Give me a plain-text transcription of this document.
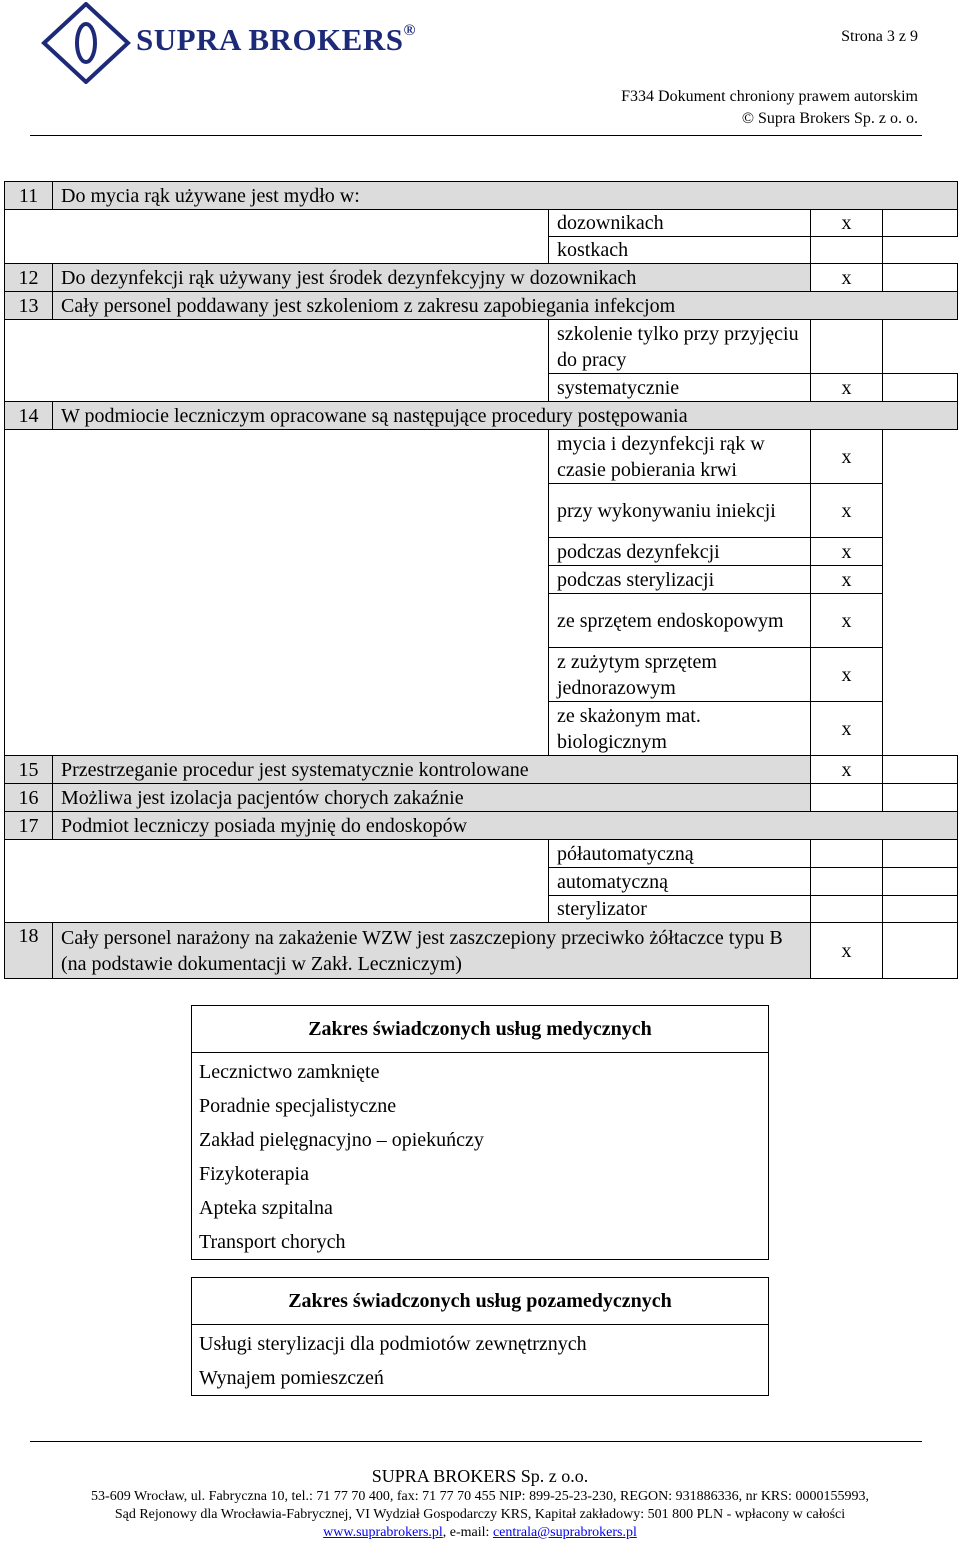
SUPRA BROKERS®	Strona 3 z 9
F334 Dokument chroniony prawem autorskim
© Supra Brokers Sp. z o. o.
11	Do mycia rąk używane jest mydło w:			
		dozownikach	x	
		kostkach		
12	Do dezynfekcji rąk używany jest środek dezynfekcyjny w dozownikach		x	
13	Cały personel poddawany jest szkoleniom z zakresu zapobiegania infekcjom			
		szkolenie tylko przy przyjęciu do pracy		
		systematycznie	x	
14	W podmiocie leczniczym opracowane są następujące procedury postępowania			
		mycia i dezynfekcji rąk w czasie pobierania krwi	x	
		przy wykonywaniu iniekcji	x	
		podczas dezynfekcji	x	
		podczas sterylizacji	x	
		ze sprzętem endoskopowym	x	
		z zużytym sprzętem jednorazowym	x	
		ze skażonym mat. biologicznym	x	
15	Przestrzeganie procedur jest systematycznie kontrolowane		x	
16	Możliwa jest izolacja pacjentów chorych zakaźnie			
17	Podmiot leczniczy posiada myjnię do endoskopów			
		półautomatyczną		
		automatyczną		
		sterylizator		
18	Cały personel narażony na zakażenie WZW jest zaszczepiony przeciwko żółtaczce typu B (na podstawie dokumentacji w Zakł. Leczniczym)		x	
Zakres świadczonych usług medycznych
Lecznictwo zamknięte
Poradnie specjalistyczne
Zakład pielęgnacyjno – opiekuńczy
Fizykoterapia
Apteka szpitalna
Transport chorych
Zakres świadczonych usług pozamedycznych
Usługi sterylizacji dla podmiotów zewnętrznych
Wynajem pomieszczeń
SUPRA BROKERS Sp. z o.o.
53-609 Wrocław, ul. Fabryczna 10, tel.: 71 77 70 400, fax: 71 77 70 455 NIP: 899-25-23-230, REGON: 931886336, nr KRS: 0000155993,
Sąd Rejonowy dla Wrocławia-Fabrycznej, VI Wydział Gospodarczy KRS, Kapitał zakładowy: 501 800 PLN - wpłacony w całości
www.suprabrokers.pl, e-mail: centrala@suprabrokers.pl
